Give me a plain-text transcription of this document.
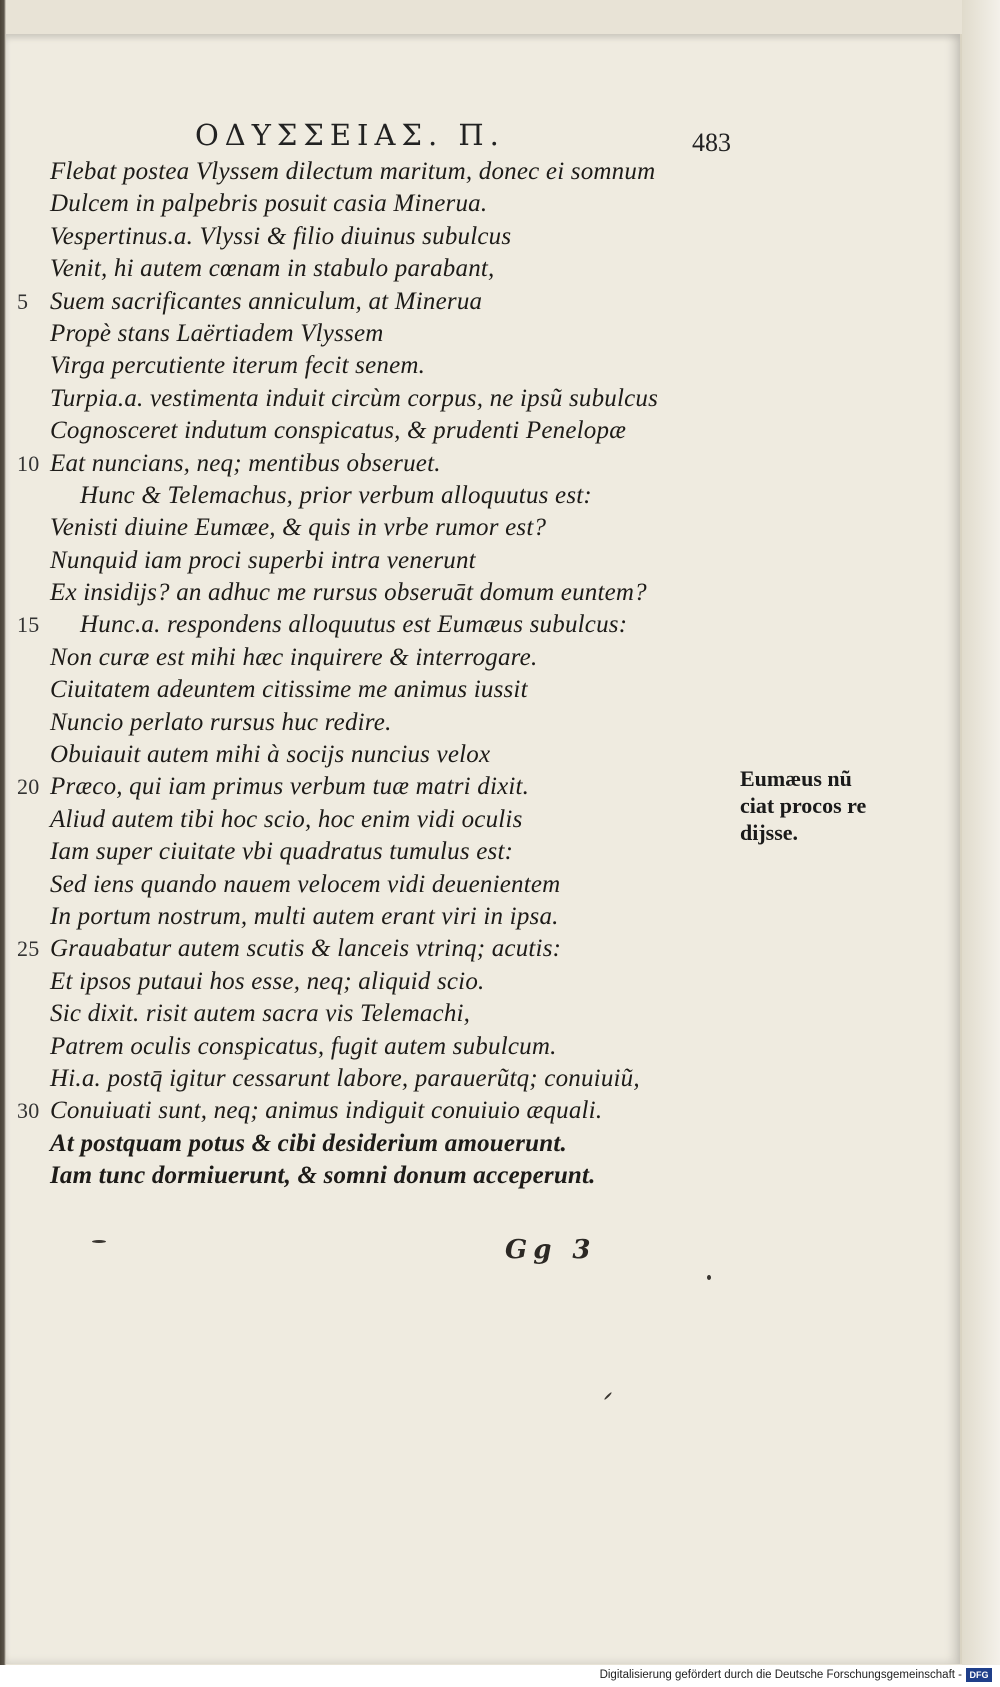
ΟΔΥΣΣΕΙΑΣ. Π.	483
Flebat postea Vlyssem dilectum maritum, donec ei somnum
Dulcem in palpebris posuit casia Minerua.
Vespertinus.a. Vlyssi & filio diuinus subulcus
Venit, hi autem cœnam in stabulo parabant,
5 Suem sacrificantes anniculum, at Minerua
Propè stans Laërtiadem Vlyssem
Virga percutiente iterum fecit senem.
Turpia.a. vestimenta induit circùm corpus, ne ipsũ subulcus
Cognosceret indutum conspicatus, & prudenti Penelopæ
10 Eat nuncians, neq; mentibus obseruet.
Hunc & Telemachus, prior verbum alloquutus est:
Venisti diuine Eumæe, & quis in vrbe rumor est?
Nunquid iam proci superbi intra venerunt
Ex insidijs? an adhuc me rursus obseruāt domum euntem?
15	Hunc.a. respondens alloquutus est Eumæus subulcus:
Non curæ est mihi hæc inquirere & interrogare.
Ciuitatem adeuntem citissime me animus iussit
Nuncio perlato rursus huc redire.
Obuiauit autem mihi à socijs nuncius velox
20 Præco, qui iam primus verbum tuæ matri dixit.
Aliud autem tibi hoc scio, hoc enim vidi oculis
Iam super ciuitate vbi quadratus tumulus est:
Sed iens quando nauem velocem vidi deuenientem
In portum nostrum, multi autem erant viri in ipsa.
25 Grauabatur autem scutis & lanceis vtrinq; acutis:
Et ipsos putaui hos esse, neq; aliquid scio.
Sic dixit. risit autem sacra vis Telemachi,
Patrem oculis conspicatus, fugit autem subulcum.
Hi.a. postq̄ igitur cessarunt labore, parauerũtq; conuiuiũ,
30 Conuiuati sunt, neq; animus indiguit conuiuio æquali.
At postquam potus & cibi desiderium amouerunt.
Iam tunc dormiuerunt, & somni donum acceperunt.
Eumæus nũ
ciat procos re
dijsse.
Gg 3
Digitalisierung gefördert durch die Deutsche Forschungsgemeinschaft - DFG
